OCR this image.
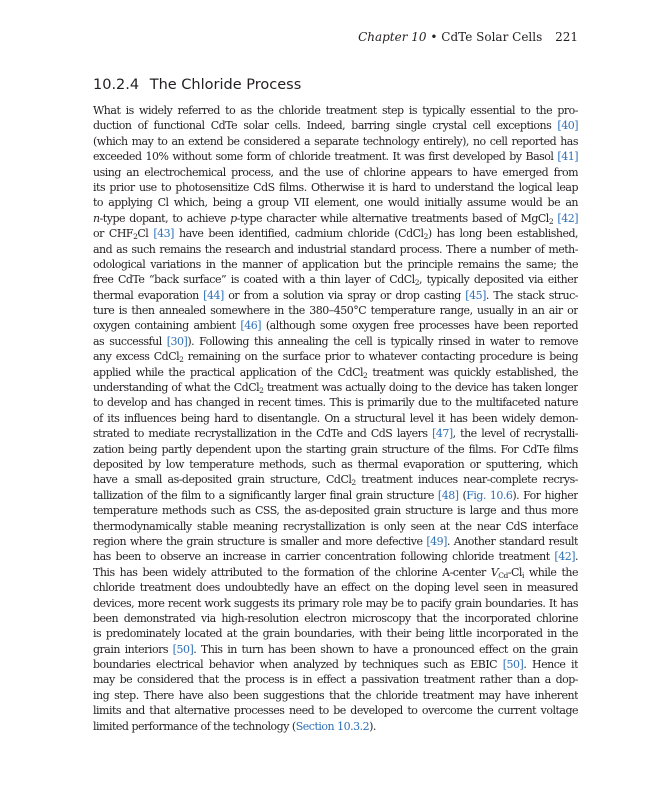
Chapter 10 • CdTe Solar Cells 221
10.2.4 The Chloride Process
What is widely referred to as the chloride treatment step is typically essential to the pro-
duction of functional CdTe solar cells. Indeed, barring single crystal cell exceptions [40]
(which may to an extend be considered a separate technology entirely), no cell reported has
exceeded 10% without some form of chloride treatment. It was first developed by Basol [41]
using an electrochemical process, and the use of chlorine appears to have emerged from
its prior use to photosensitize CdS films. Otherwise it is hard to understand the logical leap
to applying Cl which, being a group VII element, one would initially assume would be an
n-type dopant, to achieve p-type character while alternative treatments based of MgCl$_2$ [42]
or $CHF_2Cl$ [43] have been identified, cadmium chloride (CdCl$_2$) has long been established,
and as such remains the research and industrial standard process. There a number of meth-
odological variations in the manner of application but the principle remains the same; the
free CdTe “back surface” is coated with a thin layer of CdCl$_2$, typically deposited via either
thermal evaporation [44] or from a solution via spray or drop casting [45]. The stack struc-
ture is then annealed somewhere in the 380–450°C temperature range, usually in an air or
oxygen containing ambient [46] (although some oxygen free processes have been reported
as successful [30]). Following this annealing the cell is typically rinsed in water to remove
any excess CdCl$_2$ remaining on the surface prior to whatever contacting procedure is being
applied while the practical application of the CdCl$_2$ treatment was quickly established, the
understanding of what the CdCl$_2$ treatment was actually doing to the device has taken longer
to develop and has changed in recent times. This is primarily due to the multifaceted nature
of its influences being hard to disentangle. On a structural level it has been widely demon-
strated to mediate recrystallization in the CdTe and CdS layers [47], the level of recrystalli-
zation being partly dependent upon the starting grain structure of the films. For CdTe films
deposited by low temperature methods, such as thermal evaporation or sputtering, which
have a small as-deposited grain structure, CdCl$_2$ treatment induces near-complete recrys-
tallization of the film to a significantly larger final grain structure [48] (Fig. 10.6). For higher
temperature methods such as CSS, the as-deposited grain structure is large and thus more
thermodynamically stable meaning recrystallization is only seen at the near CdS interface
region where the grain structure is smaller and more defective [49]. Another standard result
has been to observe an increase in carrier concentration following chloride treatment [42].
This has been widely attributed to the formation of the chlorine A-center $V_{Cd}-Cl_i$ while the
chloride treatment does undoubtedly have an effect on the doping level seen in measured
devices, more recent work suggests its primary role may be to pacify grain boundaries. It has
been demonstrated via high-resolution electron microscopy that the incorporated chlorine
is predominately located at the grain boundaries, with their being little incorporated in the
grain interiors [50]. This in turn has been shown to have a pronounced effect on the grain
boundaries electrical behavior when analyzed by techniques such as EBIC [50]. Hence it
may be considered that the process is in effect a passivation treatment rather than a dop-
ing step. There have also been suggestions that the chloride treatment may have inherent
limits and that alternative processes need to be developed to overcome the current voltage
limited performance of the technology (Section 10.3.2).
